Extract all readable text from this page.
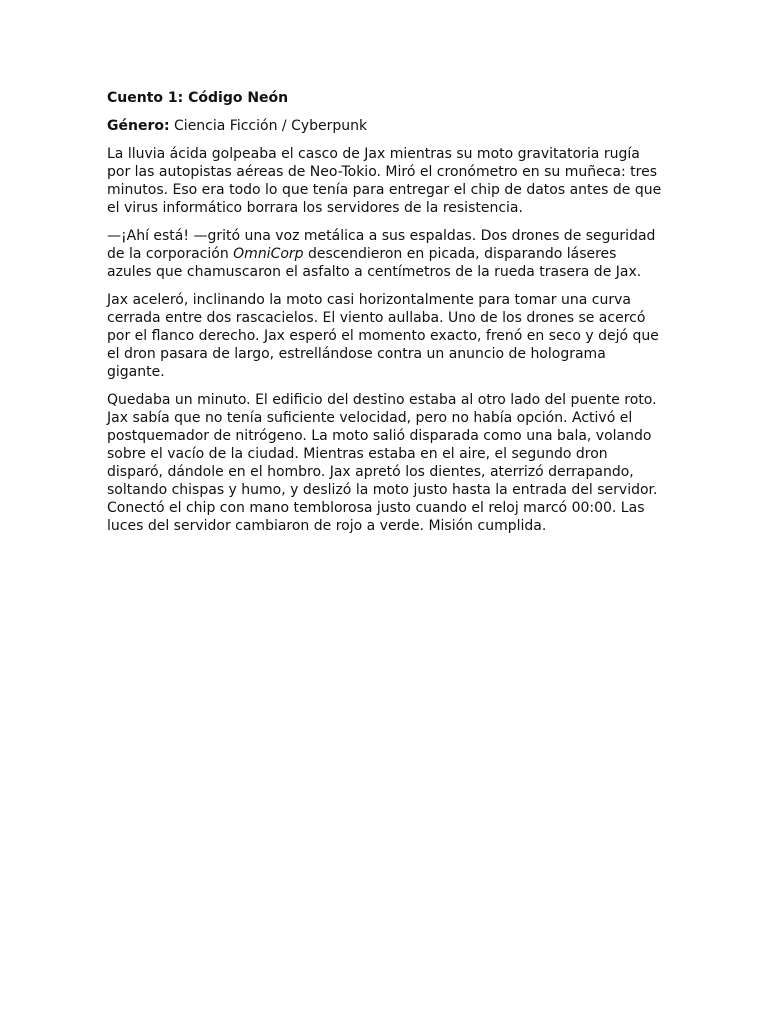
Cuento 1: Código Neón

Género: Ciencia Ficción / Cyberpunk

La lluvia ácida golpeaba el casco de Jax mientras su moto gravitatoria rugía por las autopistas aéreas de Neo-Tokio. Miró el cronómetro en su muñeca: tres minutos. Eso era todo lo que tenía para entregar el chip de datos antes de que el virus informático borrara los servidores de la resistencia.

—¡Ahí está! —gritó una voz metálica a sus espaldas. Dos drones de seguridad de la corporación OmniCorp descendieron en picada, disparando láseres azules que chamuscaron el asfalto a centímetros de la rueda trasera de Jax.

Jax aceleró, inclinando la moto casi horizontalmente para tomar una curva cerrada entre dos rascacielos. El viento aullaba. Uno de los drones se acercó por el flanco derecho. Jax esperó el momento exacto, frenó en seco y dejó que el dron pasara de largo, estrellándose contra un anuncio de holograma gigante.

Quedaba un minuto. El edificio del destino estaba al otro lado del puente roto. Jax sabía que no tenía suficiente velocidad, pero no había opción. Activó el postquemador de nitrógeno. La moto salió disparada como una bala, volando sobre el vacío de la ciudad. Mientras estaba en el aire, el segundo dron disparó, dándole en el hombro. Jax apretó los dientes, aterrizó derrapando, soltando chispas y humo, y deslizó la moto justo hasta la entrada del servidor. Conectó el chip con mano temblorosa justo cuando el reloj marcó 00:00. Las luces del servidor cambiaron de rojo a verde. Misión cumplida.
